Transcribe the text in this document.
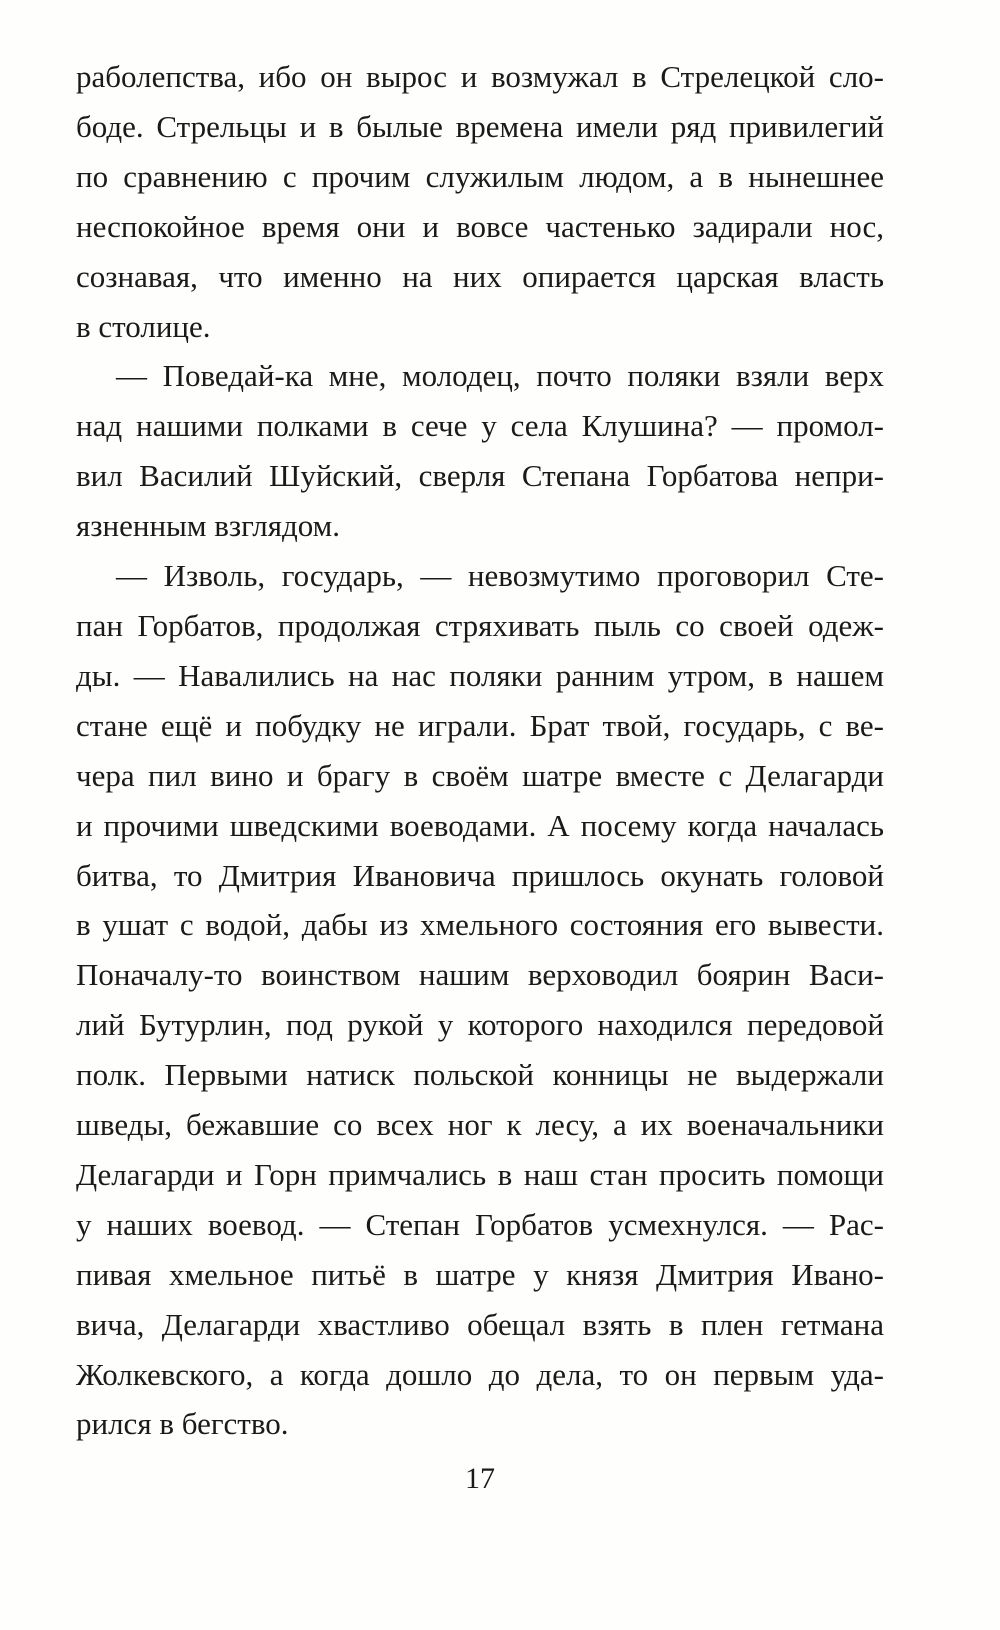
раболепства, ибо он вырос и возмужал в Стрелецкой сло-
боде. Стрельцы и в былые времена имели ряд привилегий
по сравнению с прочим служилым людом, а в нынешнее
неспокойное время они и вовсе частенько задирали нос,
сознавая, что именно на них опирается царская власть
в столице.
— Поведай-ка мне, молодец, почто поляки взяли верх
над нашими полками в сече у села Клушина? — промол-
вил Василий Шуйский, сверля Степана Горбатова непри-
язненным взглядом.
— Изволь, государь, — невозмутимо проговорил Сте-
пан Горбатов, продолжая стряхивать пыль со своей одеж-
ды. — Навалились на нас поляки ранним утром, в нашем
стане ещё и побудку не играли. Брат твой, государь, с ве-
чера пил вино и брагу в своём шатре вместе с Делагарди
и прочими шведскими воеводами. А посему когда началась
битва, то Дмитрия Ивановича пришлось окунать головой
в ушат с водой, дабы из хмельного состояния его вывести.
Поначалу-то воинством нашим верховодил боярин Васи-
лий Бутурлин, под рукой у которого находился передовой
полк. Первыми натиск польской конницы не выдержали
шведы, бежавшие со всех ног к лесу, а их военачальники
Делагарди и Горн примчались в наш стан просить помощи
у наших воевод. — Степан Горбатов усмехнулся. — Рас-
пивая хмельное питьё в шатре у князя Дмитрия Ивано-
вича, Делагарди хвастливо обещал взять в плен гетмана
Жолкевского, а когда дошло до дела, то он первым уда-
рился в бегство.
17
